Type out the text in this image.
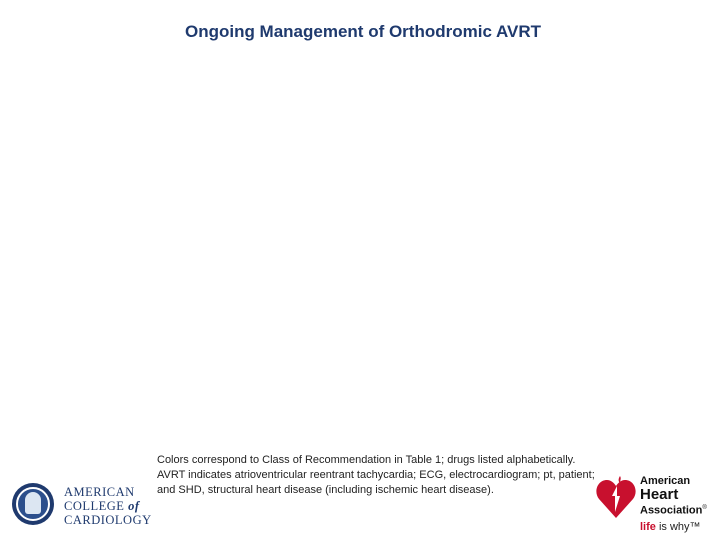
Ongoing Management of Orthodromic AVRT

Colors correspond to Class of Recommendation in Table 1; drugs listed alphabetically.

AVRT indicates atrioventricular reentrant tachycardia; ECG, electrocardiogram; pt, patient; and SHD, structural heart disease (including ischemic heart disease).

AMERICAN
COLLEGE of
CARDIOLOGY
American
Heart
Association®
life is why™
